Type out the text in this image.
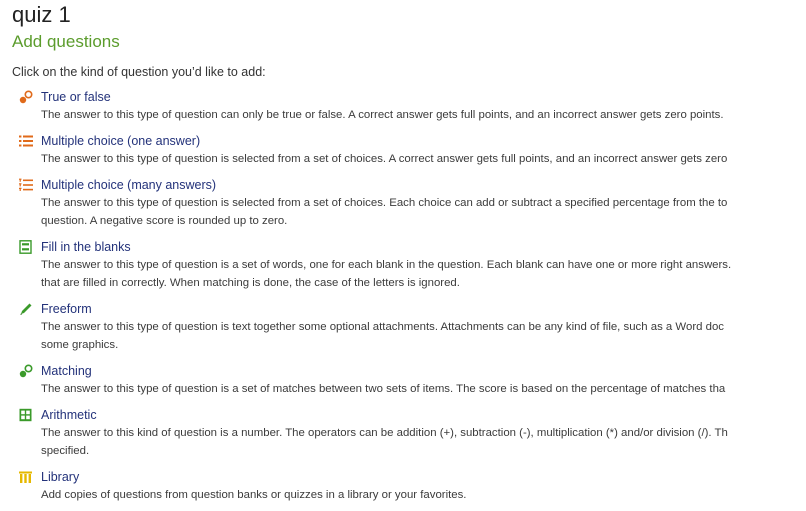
quiz 1
Add questions
Click on the kind of question you’d like to add:
True or false
The answer to this type of question can only be true or false. A correct answer gets full points, and an incorrect answer gets zero points.
Multiple choice (one answer)
The answer to this type of question is selected from a set of choices. A correct answer gets full points, and an incorrect answer gets zero
Multiple choice (many answers)
The answer to this type of question is selected from a set of choices. Each choice can add or subtract a specified percentage from the to
question. A negative score is rounded up to zero.
Fill in the blanks
The answer to this type of question is a set of words, one for each blank in the question. Each blank can have one or more right answers.
that are filled in correctly. When matching is done, the case of the letters is ignored.
Freeform
The answer to this type of question is text together some optional attachments. Attachments can be any kind of file, such as a Word doc
some graphics.
Matching
The answer to this type of question is a set of matches between two sets of items. The score is based on the percentage of matches tha
Arithmetic
The answer to this kind of question is a number. The operators can be addition (+), subtraction (-), multiplication (*) and/or division (/). Th
specified.
Library
Add copies of questions from question banks or quizzes in a library or your favorites.
